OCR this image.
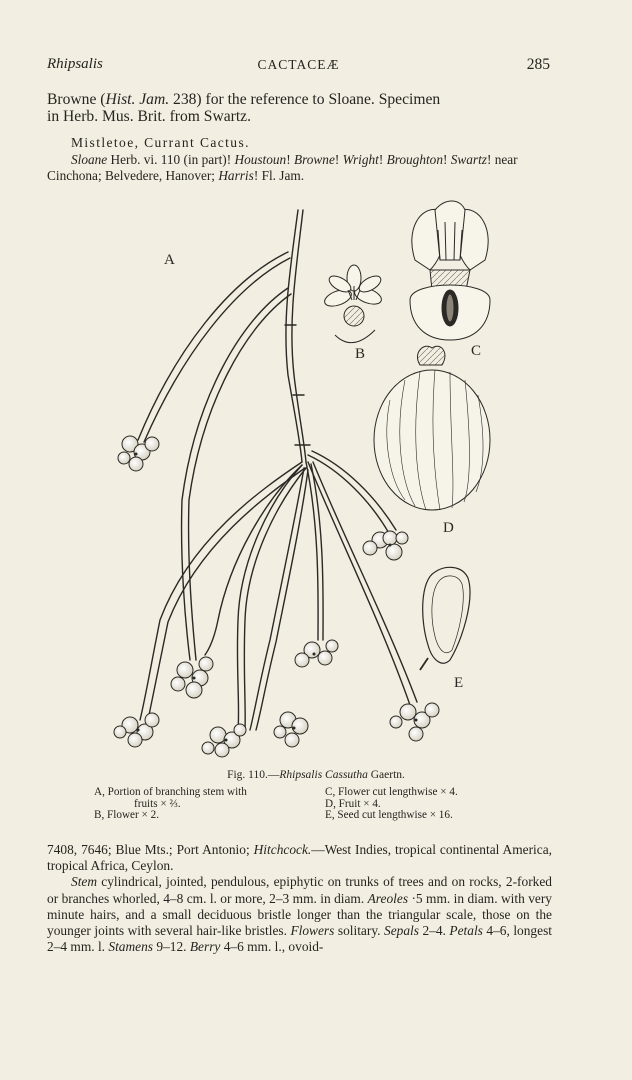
Rhipsalis	CACTACEÆ	285
Browne (Hist. Jam. 238) for the reference to Sloane. Specimen
in Herb. Mus. Brit. from Swartz.
Mistletoe, Currant Cactus.
Sloane Herb. vi. 110 (in part)! Houstoun! Browne! Wright! Broughton! Swartz! near Cinchona; Belvedere, Hanover; Harris! Fl. Jam.
A
B	C
D
E
Fig. 110.—Rhipsalis Cassutha Gaertn.
A, Portion of branching stem with
fruits × ⅔.
B, Flower × 2.
C, Flower cut lengthwise × 4.
D, Fruit × 4.
E, Seed cut lengthwise × 16.

7408, 7646; Blue Mts.; Port Antonio; Hitchcock.—West Indies, tropical continental America, tropical Africa, Ceylon.

Stem cylindrical, jointed, pendulous, epiphytic on trunks of trees and on rocks, 2-forked or branches whorled, 4–8 cm. l. or more, 2–3 mm. in diam. Areoles ·5 mm. in diam. with very minute hairs, and a small deciduous bristle longer than the triangular scale, those on the younger joints with several hair-like bristles. Flowers solitary. Sepals 2–4. Petals 4–6, longest 2–4 mm. l. Stamens 9–12. Berry 4–6 mm. l., ovoid-
